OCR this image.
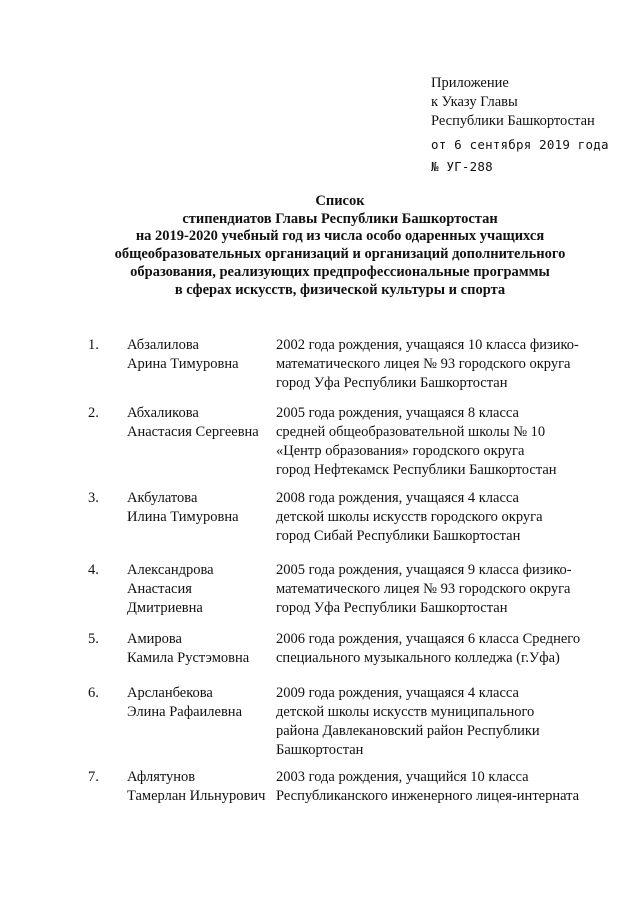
Приложение
к Указу Главы
Республики Башкортостан
от 6 сентября 2019 года
№ УГ-288
Список
стипендиатов Главы Республики Башкортостан
на 2019-2020 учебный год из числа особо одаренных учащихся
общеобразовательных организаций и организаций дополнительного
образования, реализующих предпрофессиональные программы
в сферах искусств, физической культуры и спорта
1. Абзалилова
Арина Тимуровна
2002 года рождения, учащаяся 10 класса физико-
математического лицея № 93 городского округа
город Уфа Республики Башкортостан
2. Абхаликова
Анастасия Сергеевна
2005 года рождения, учащаяся 8 класса
средней общеобразовательной школы № 10
«Центр образования» городского округа
город Нефтекамск Республики Башкортостан
3. Акбулатова
Илина Тимуровна
2008 года рождения, учащаяся 4 класса
детской школы искусств городского округа
город Сибай Республики Башкортостан
4. Александрова
Анастасия
Дмитриевна
2005 года рождения, учащаяся 9 класса физико-
математического лицея № 93 городского округа
город Уфа Республики Башкортостан
5. Амирова
Камила Рустэмовна
2006 года рождения, учащаяся 6 класса Среднего
специального музыкального колледжа (г.Уфа)
6. Арсланбекова
Элина Рафаилевна
2009 года рождения, учащаяся 4 класса
детской школы искусств муниципального
района Давлекановский район Республики
Башкортостан
7. Афлятунов
Тамерлан Ильнурович
2003 года рождения, учащийся 10 класса
Республиканского инженерного лицея-интерната
